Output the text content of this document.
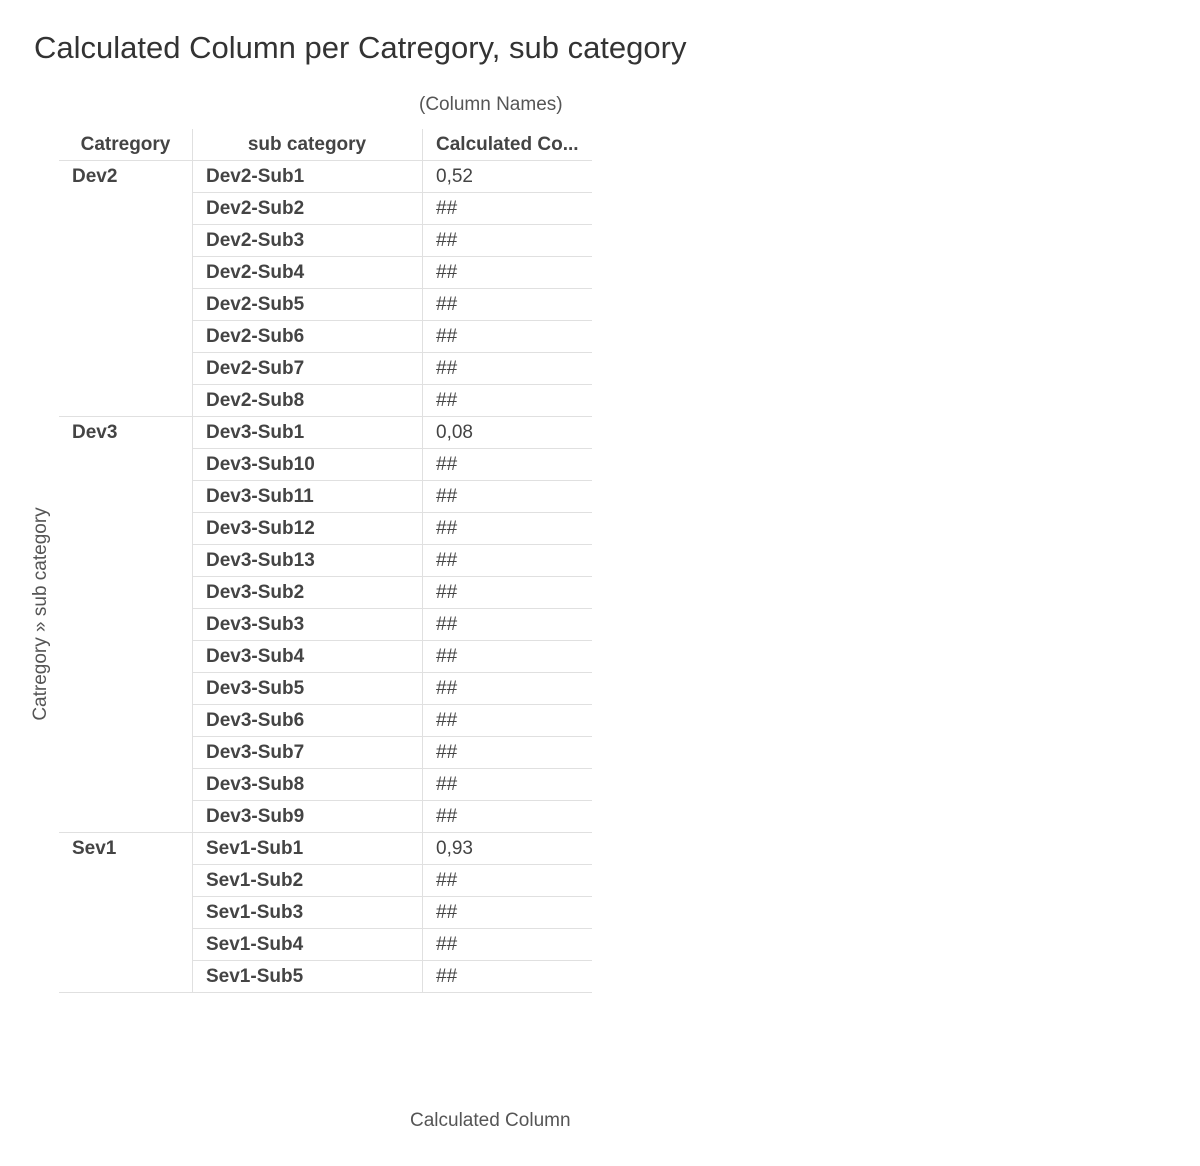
Calculated Column per Catregory, sub category
(Column Names)
Catregory » sub category
Catregory	sub category	Calculated Co...
Dev2	Dev2-Sub1	0,52
Dev2-Sub2	##
Dev2-Sub3	##
Dev2-Sub4	##
Dev2-Sub5	##
Dev2-Sub6	##
Dev2-Sub7	##
Dev2-Sub8	##
Dev3	Dev3-Sub1	0,08
Dev3-Sub10	##
Dev3-Sub11	##
Dev3-Sub12	##
Dev3-Sub13	##
Dev3-Sub2	##
Dev3-Sub3	##
Dev3-Sub4	##
Dev3-Sub5	##
Dev3-Sub6	##
Dev3-Sub7	##
Dev3-Sub8	##
Dev3-Sub9	##
Sev1	Sev1-Sub1	0,93
Sev1-Sub2	##
Sev1-Sub3	##
Sev1-Sub4	##
Sev1-Sub5	##
Calculated Column
